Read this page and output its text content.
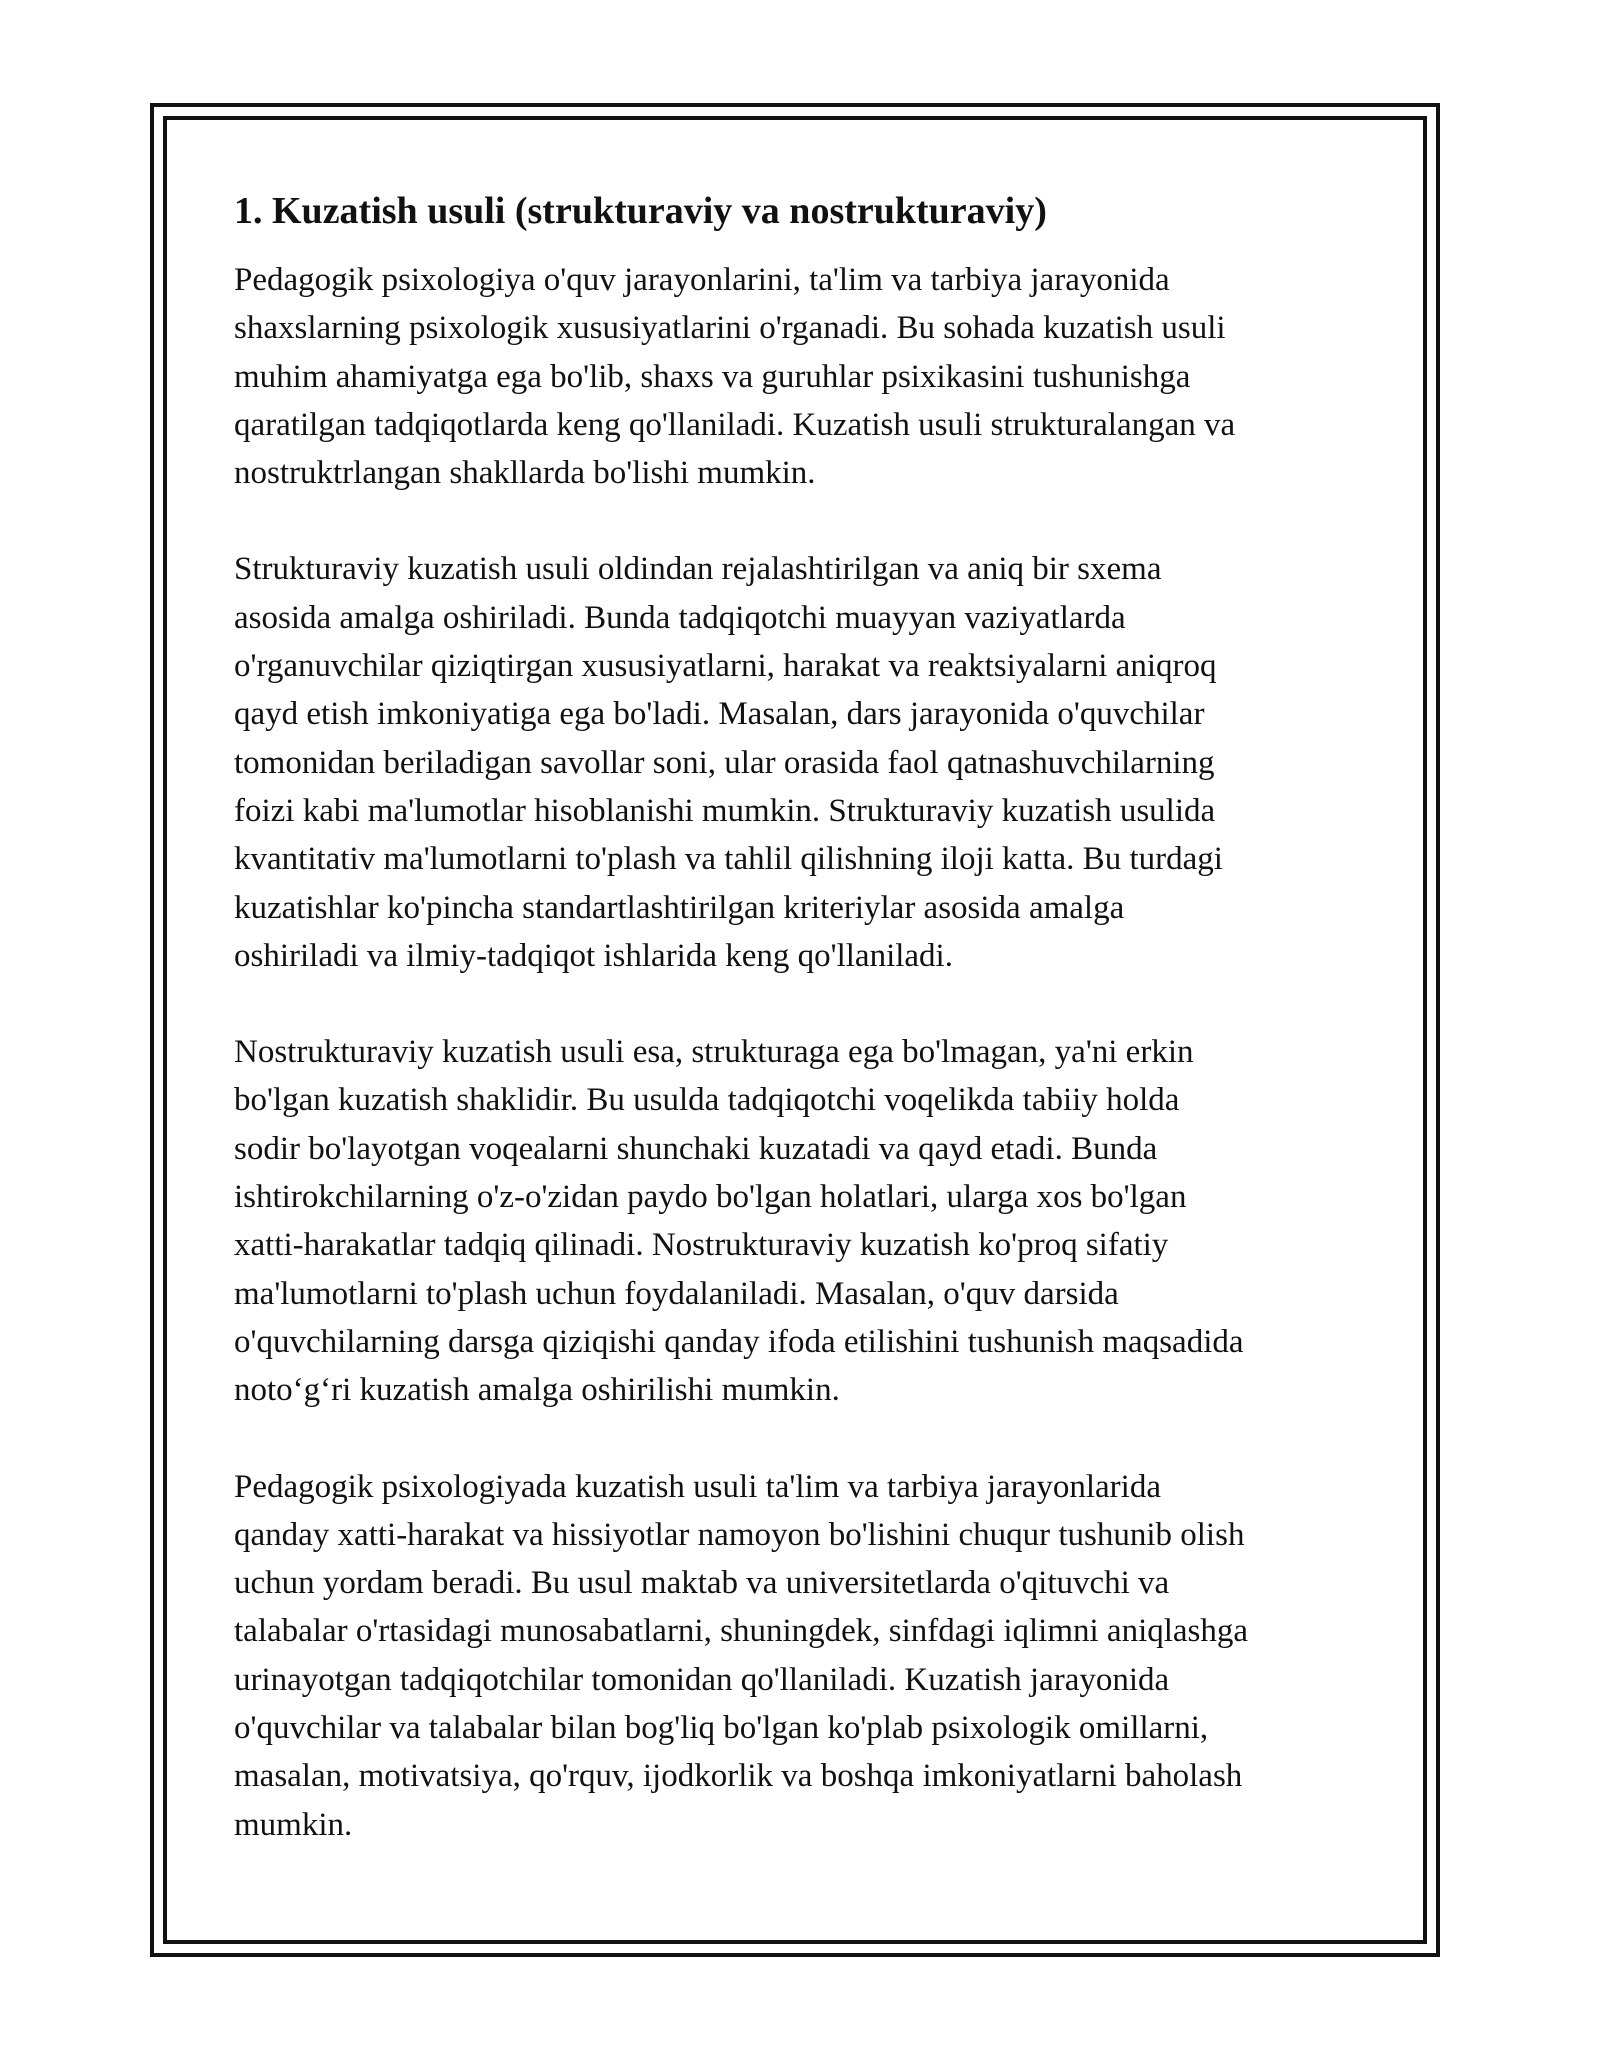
1. Kuzatish usuli (strukturaviy va nostrukturaviy)

Pedagogik psixologiya o'quv jarayonlarini, ta'lim va tarbiya jarayonida
shaxslarning psixologik xususiyatlarini o'rganadi. Bu sohada kuzatish usuli
muhim ahamiyatga ega bo'lib, shaxs va guruhlar psixikasini tushunishga
qaratilgan tadqiqotlarda keng qo'llaniladi. Kuzatish usuli strukturalangan va
nostruktrlangan shakllarda bo'lishi mumkin.

Strukturaviy kuzatish usuli oldindan rejalashtirilgan va aniq bir sxema
asosida amalga oshiriladi. Bunda tadqiqotchi muayyan vaziyatlarda
o'rganuvchilar qiziqtirgan xususiyatlarni, harakat va reaktsiyalarni aniqroq
qayd etish imkoniyatiga ega bo'ladi. Masalan, dars jarayonida o'quvchilar
tomonidan beriladigan savollar soni, ular orasida faol qatnashuvchilarning
foizi kabi ma'lumotlar hisoblanishi mumkin. Strukturaviy kuzatish usulida
kvantitativ ma'lumotlarni to'plash va tahlil qilishning iloji katta. Bu turdagi
kuzatishlar ko'pincha standartlashtirilgan kriteriylar asosida amalga
oshiriladi va ilmiy-tadqiqot ishlarida keng qo'llaniladi.

Nostrukturaviy kuzatish usuli esa, strukturaga ega bo'lmagan, ya'ni erkin
bo'lgan kuzatish shaklidir. Bu usulda tadqiqotchi voqelikda tabiiy holda
sodir bo'layotgan voqealarni shunchaki kuzatadi va qayd etadi. Bunda
ishtirokchilarning o'z-o'zidan paydo bo'lgan holatlari, ularga xos bo'lgan
xatti-harakatlar tadqiq qilinadi. Nostrukturaviy kuzatish ko'proq sifatiy
ma'lumotlarni to'plash uchun foydalaniladi. Masalan, o'quv darsida
o'quvchilarning darsga qiziqishi qanday ifoda etilishini tushunish maqsadida
noto‘g‘ri kuzatish amalga oshirilishi mumkin.

Pedagogik psixologiyada kuzatish usuli ta'lim va tarbiya jarayonlarida
qanday xatti-harakat va hissiyotlar namoyon bo'lishini chuqur tushunib olish
uchun yordam beradi. Bu usul maktab va universitetlarda o'qituvchi va
talabalar o'rtasidagi munosabatlarni, shuningdek, sinfdagi iqlimni aniqlashga
urinayotgan tadqiqotchilar tomonidan qo'llaniladi. Kuzatish jarayonida
o'quvchilar va talabalar bilan bog'liq bo'lgan ko'plab psixologik omillarni,
masalan, motivatsiya, qo'rquv, ijodkorlik va boshqa imkoniyatlarni baholash
mumkin.
